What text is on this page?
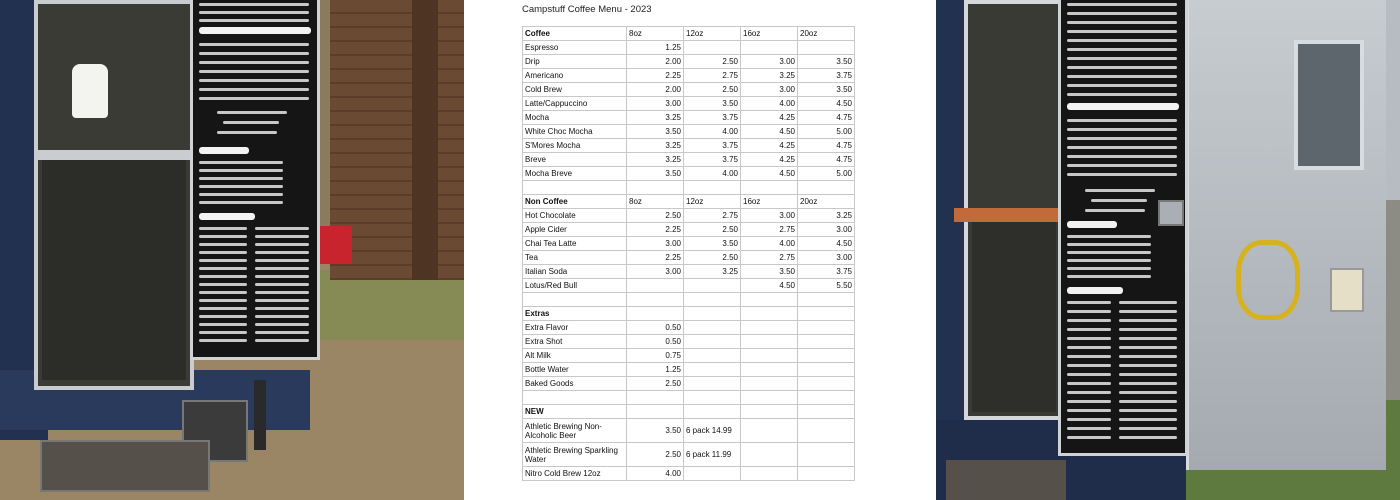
Campstuff Coffee Menu - 2023
Coffee	8oz	12oz	16oz	20oz
Espresso	1.25			
Drip	2.00	2.50	3.00	3.50
Americano	2.25	2.75	3.25	3.75
Cold Brew	2.00	2.50	3.00	3.50
Latte/Cappuccino	3.00	3.50	4.00	4.50
Mocha	3.25	3.75	4.25	4.75
White Choc Mocha	3.50	4.00	4.50	5.00
S'Mores Mocha	3.25	3.75	4.25	4.75
Breve	3.25	3.75	4.25	4.75
Mocha Breve	3.50	4.00	4.50	5.00

Non Coffee	8oz	12oz	16oz	20oz
Hot Chocolate	2.50	2.75	3.00	3.25
Apple Cider	2.25	2.50	2.75	3.00
Chai Tea Latte	3.00	3.50	4.00	4.50
Tea	2.25	2.50	2.75	3.00
Italian Soda	3.00	3.25	3.50	3.75
Lotus/Red Bull			4.50	5.50

Extras				
Extra Flavor	0.50			
Extra Shot	0.50			
Alt Milk	0.75			
Bottle Water	1.25			
Baked Goods	2.50			

NEW				
Athletic Brewing Non-Alcoholic Beer	3.50	6 pack 14.99		
Athletic Brewing Sparkling Water	2.50	6 pack 11.99		
Nitro Cold Brew 12oz	4.00			
